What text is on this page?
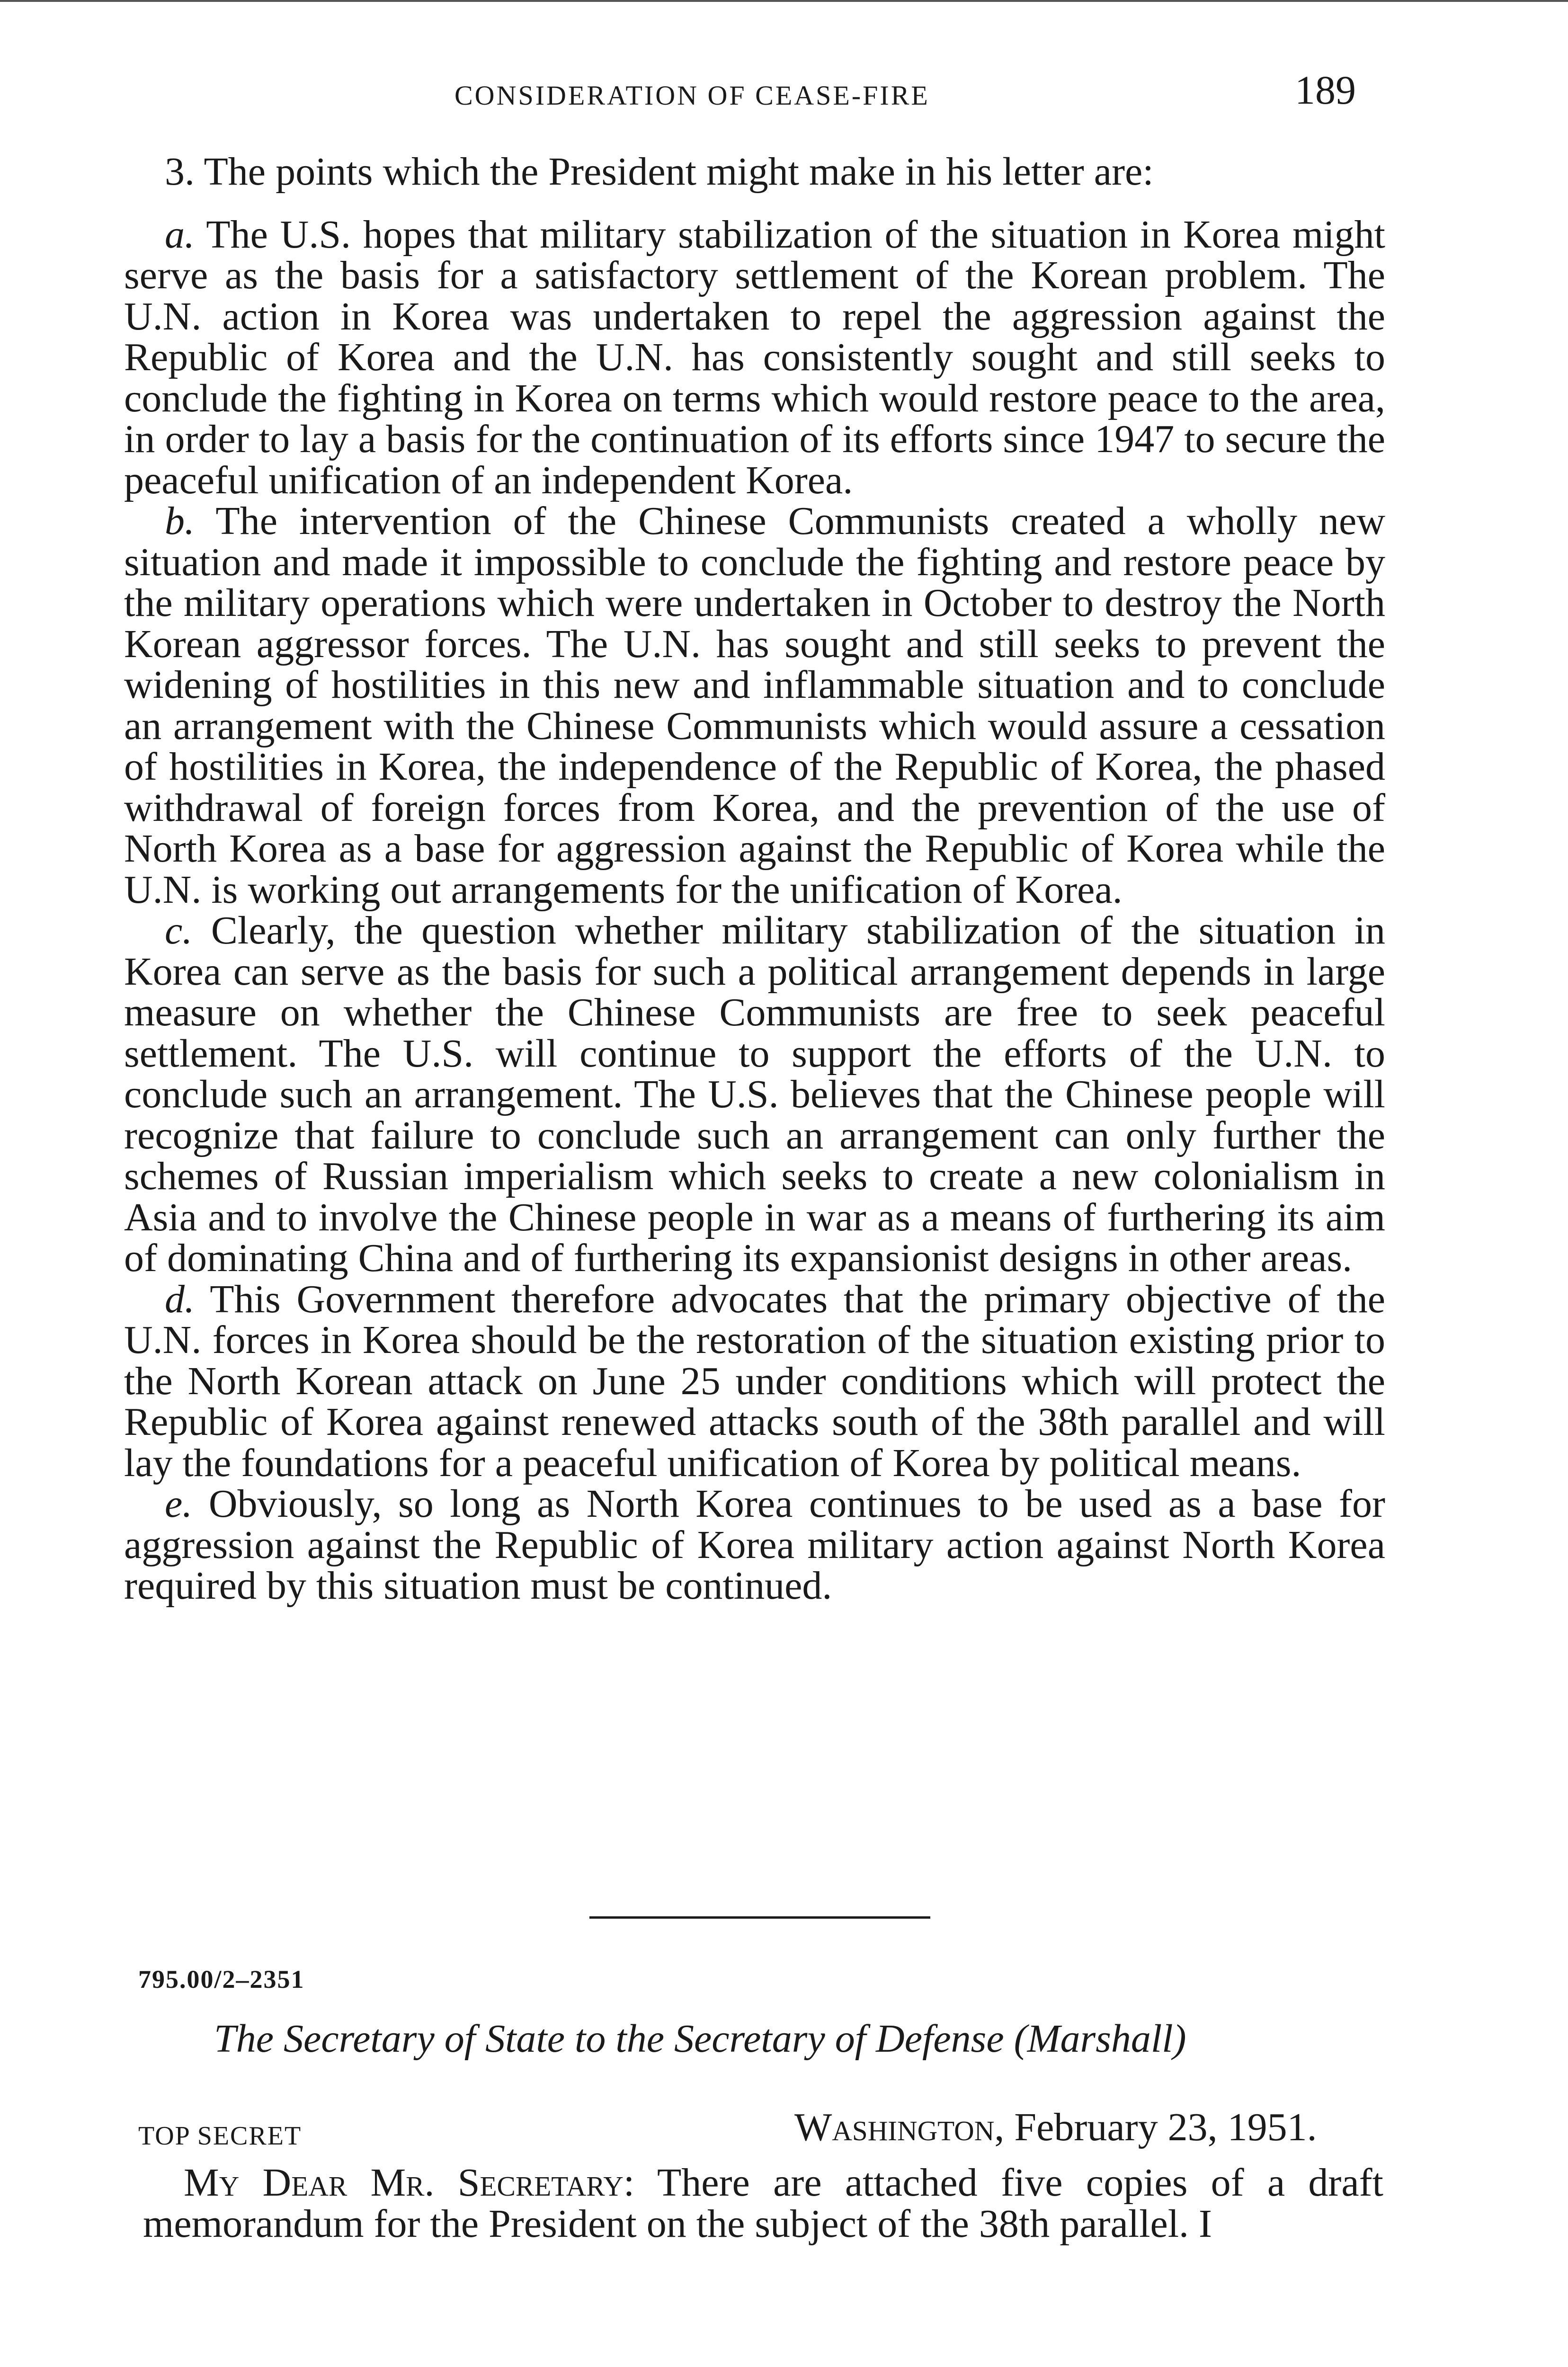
CONSIDERATION OF CEASE-FIRE	189

3. The points which the President might make in his letter are:

a. The U.S. hopes that military stabilization of the situation in Korea might serve as the basis for a satisfactory settlement of the Korean problem. The U.N. action in Korea was undertaken to repel the aggression against the Republic of Korea and the U.N. has consistently sought and still seeks to conclude the fighting in Korea on terms which would restore peace to the area, in order to lay a basis for the continuation of its efforts since 1947 to secure the peaceful unification of an independent Korea.

b. The intervention of the Chinese Communists created a wholly new situation and made it impossible to conclude the fighting and restore peace by the military operations which were undertaken in October to destroy the North Korean aggressor forces. The U.N. has sought and still seeks to prevent the widening of hostilities in this new and inflammable situation and to conclude an arrangement with the Chinese Communists which would assure a cessation of hostilities in Korea, the independence of the Republic of Korea, the phased withdrawal of foreign forces from Korea, and the prevention of the use of North Korea as a base for aggression against the Republic of Korea while the U.N. is working out arrangements for the unification of Korea.

c. Clearly, the question whether military stabilization of the situation in Korea can serve as the basis for such a political arrangement depends in large measure on whether the Chinese Communists are free to seek peaceful settlement. The U.S. will continue to support the efforts of the U.N. to conclude such an arrangement. The U.S. believes that the Chinese people will recognize that failure to conclude such an arrangement can only further the schemes of Russian imperialism which seeks to create a new colonialism in Asia and to involve the Chinese people in war as a means of furthering its aim of dominating China and of furthering its expansionist designs in other areas.

d. This Government therefore advocates that the primary objective of the U.N. forces in Korea should be the restoration of the situation existing prior to the North Korean attack on June 25 under conditions which will protect the Republic of Korea against renewed attacks south of the 38th parallel and will lay the foundations for a peaceful unification of Korea by political means.

e. Obviously, so long as North Korea continues to be used as a base for aggression against the Republic of Korea military action against North Korea required by this situation must be continued.

795.00/2–2351
The Secretary of State to the Secretary of Defense (Marshall)
TOP SECRET	Washington, February 23, 1951.

My Dear Mr. Secretary: There are attached five copies of a draft memorandum for the President on the subject of the 38th parallel. I
